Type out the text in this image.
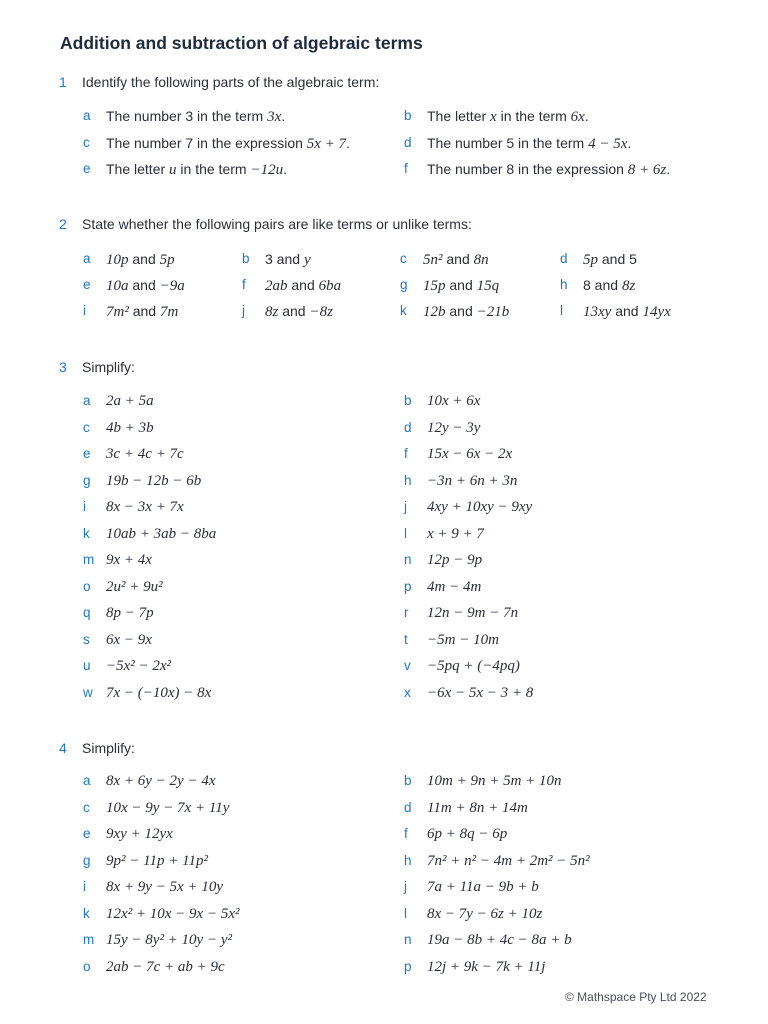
Addition and subtraction of algebraic terms
1 Identify the following parts of the algebraic term:
a The number 3 in the term 3x.	b The letter x in the term 6x.
c The number 7 in the expression 5x + 7.	d The number 5 in the term 4 − 5x.
e The letter u in the term −12u.	f The number 8 in the expression 8 + 6z.
2 State whether the following pairs are like terms or unlike terms:
a 10p and 5p	b 3 and y	c 5n² and 8n	d 5p and 5
e 10a and −9a	f 2ab and 6ba	g 15p and 15q	h 8 and 8z
i 7m² and 7m	j 8z and −8z	k 12b and −21b	l 13xy and 14yx
3 Simplify:
a 2a + 5a	b 10x + 6x
c 4b + 3b	d 12y − 3y
e 3c + 4c + 7c	f 15x − 6x − 2x
g 19b − 12b − 6b	h −3n + 6n + 3n
i 8x − 3x + 7x	j 4xy + 10xy − 9xy
k 10ab + 3ab − 8ba	l x + 9 + 7
m 9x + 4x	n 12p − 9p
o 2u² + 9u²	p 4m − 4m
q 8p − 7p	r 12n − 9m − 7n
s 6x − 9x	t −5m − 10m
u −5x² − 2x²	v −5pq + (−4pq)
w 7x − (−10x) − 8x	x −6x − 5x − 3 + 8
4 Simplify:
a 8x + 6y − 2y − 4x	b 10m + 9n + 5m + 10n
c 10x − 9y − 7x + 11y	d 11m + 8n + 14m
e 9xy + 12yx	f 6p + 8q − 6p
g 9p² − 11p + 11p²	h 7n² + n² − 4m + 2m² − 5n²
i 8x + 9y − 5x + 10y	j 7a + 11a − 9b + b
k 12x² + 10x − 9x − 5x²	l 8x − 7y − 6z + 10z
m 15y − 8y² + 10y − y²	n 19a − 8b + 4c − 8a + b
o 2ab − 7c + ab + 9c	p 12j + 9k − 7k + 11j
© Mathspace Pty Ltd 2022
